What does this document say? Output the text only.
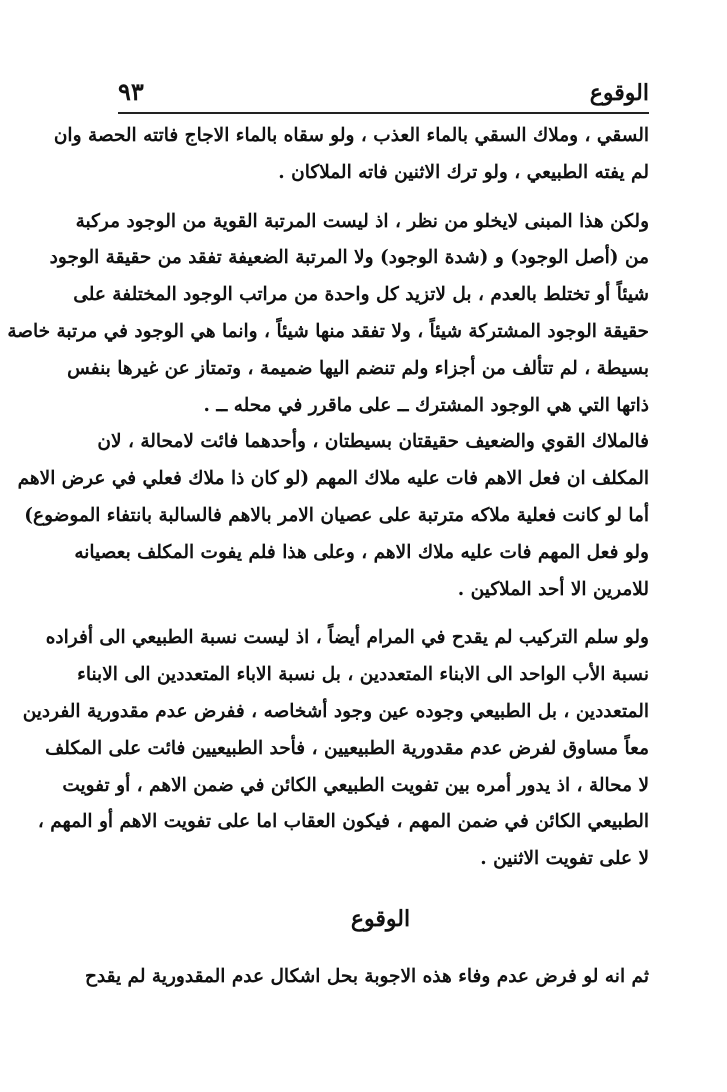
الوقوع
٩٣
السقي ، وملاك السقي بالماء العذب ، ولو سقاه بالماء الاجاج فاتته الحصة وان
لم يفته الطبيعي ، ولو ترك الاثنين فاته الملاكان .
ولكن هذا المبنى لايخلو من نظر ، اذ ليست المرتبة القوية من الوجود مركبة
من (أصل الوجود) و (شدة الوجود) ولا المرتبة الضعيفة تفقد من حقيقة الوجود
شيئاً أو تختلط بالعدم ، بل لاتزيد كل واحدة من مراتب الوجود المختلفة على
حقيقة الوجود المشتركة شيئاً ، ولا تفقد منها شيئاً ، وانما هي الوجود في مرتبة خاصة
بسيطة ، لم تتألف من أجزاء ولم تنضم اليها ضميمة ، وتمتاز عن غيرها بنفس
ذاتها التي هي الوجود المشترك ــ على ماقرر في محله ــ .
فالملاك القوي والضعيف حقيقتان بسيطتان ، وأحدهما فائت لامحالة ، لان
المكلف ان فعل الاهم فات عليه ملاك المهم (لو كان ذا ملاك فعلي في عرض الاهم
أما لو كانت فعلية ملاكه مترتبة على عصيان الامر بالاهم فالسالبة بانتفاء الموضوع)
ولو فعل المهم فات عليه ملاك الاهم ، وعلى هذا فلم يفوت المكلف بعصيانه
للامرين الا أحد الملاكين .
ولو سلم التركيب لم يقدح في المرام أيضاً ، اذ ليست نسبة الطبيعي الى أفراده
نسبة الأب الواحد الى الابناء المتعددين ، بل نسبة الاباء المتعددين الى الابناء
المتعددين ، بل الطبيعي وجوده عين وجود أشخاصه ، ففرض عدم مقدورية الفردين
معاً مساوق لفرض عدم مقدورية الطبيعيين ، فأحد الطبيعيين فائت على المكلف
لا محالة ، اذ يدور أمره بين تفويت الطبيعي الكائن في ضمن الاهم ، أو تفويت
الطبيعي الكائن في ضمن المهم ، فيكون العقاب اما على تفويت الاهم أو المهم ،
لا على تفويت الاثنين .
الوقوع
ثم انه لو فرض عدم وفاء هذه الاجوبة بحل اشكال عدم المقدورية لم يقدح
